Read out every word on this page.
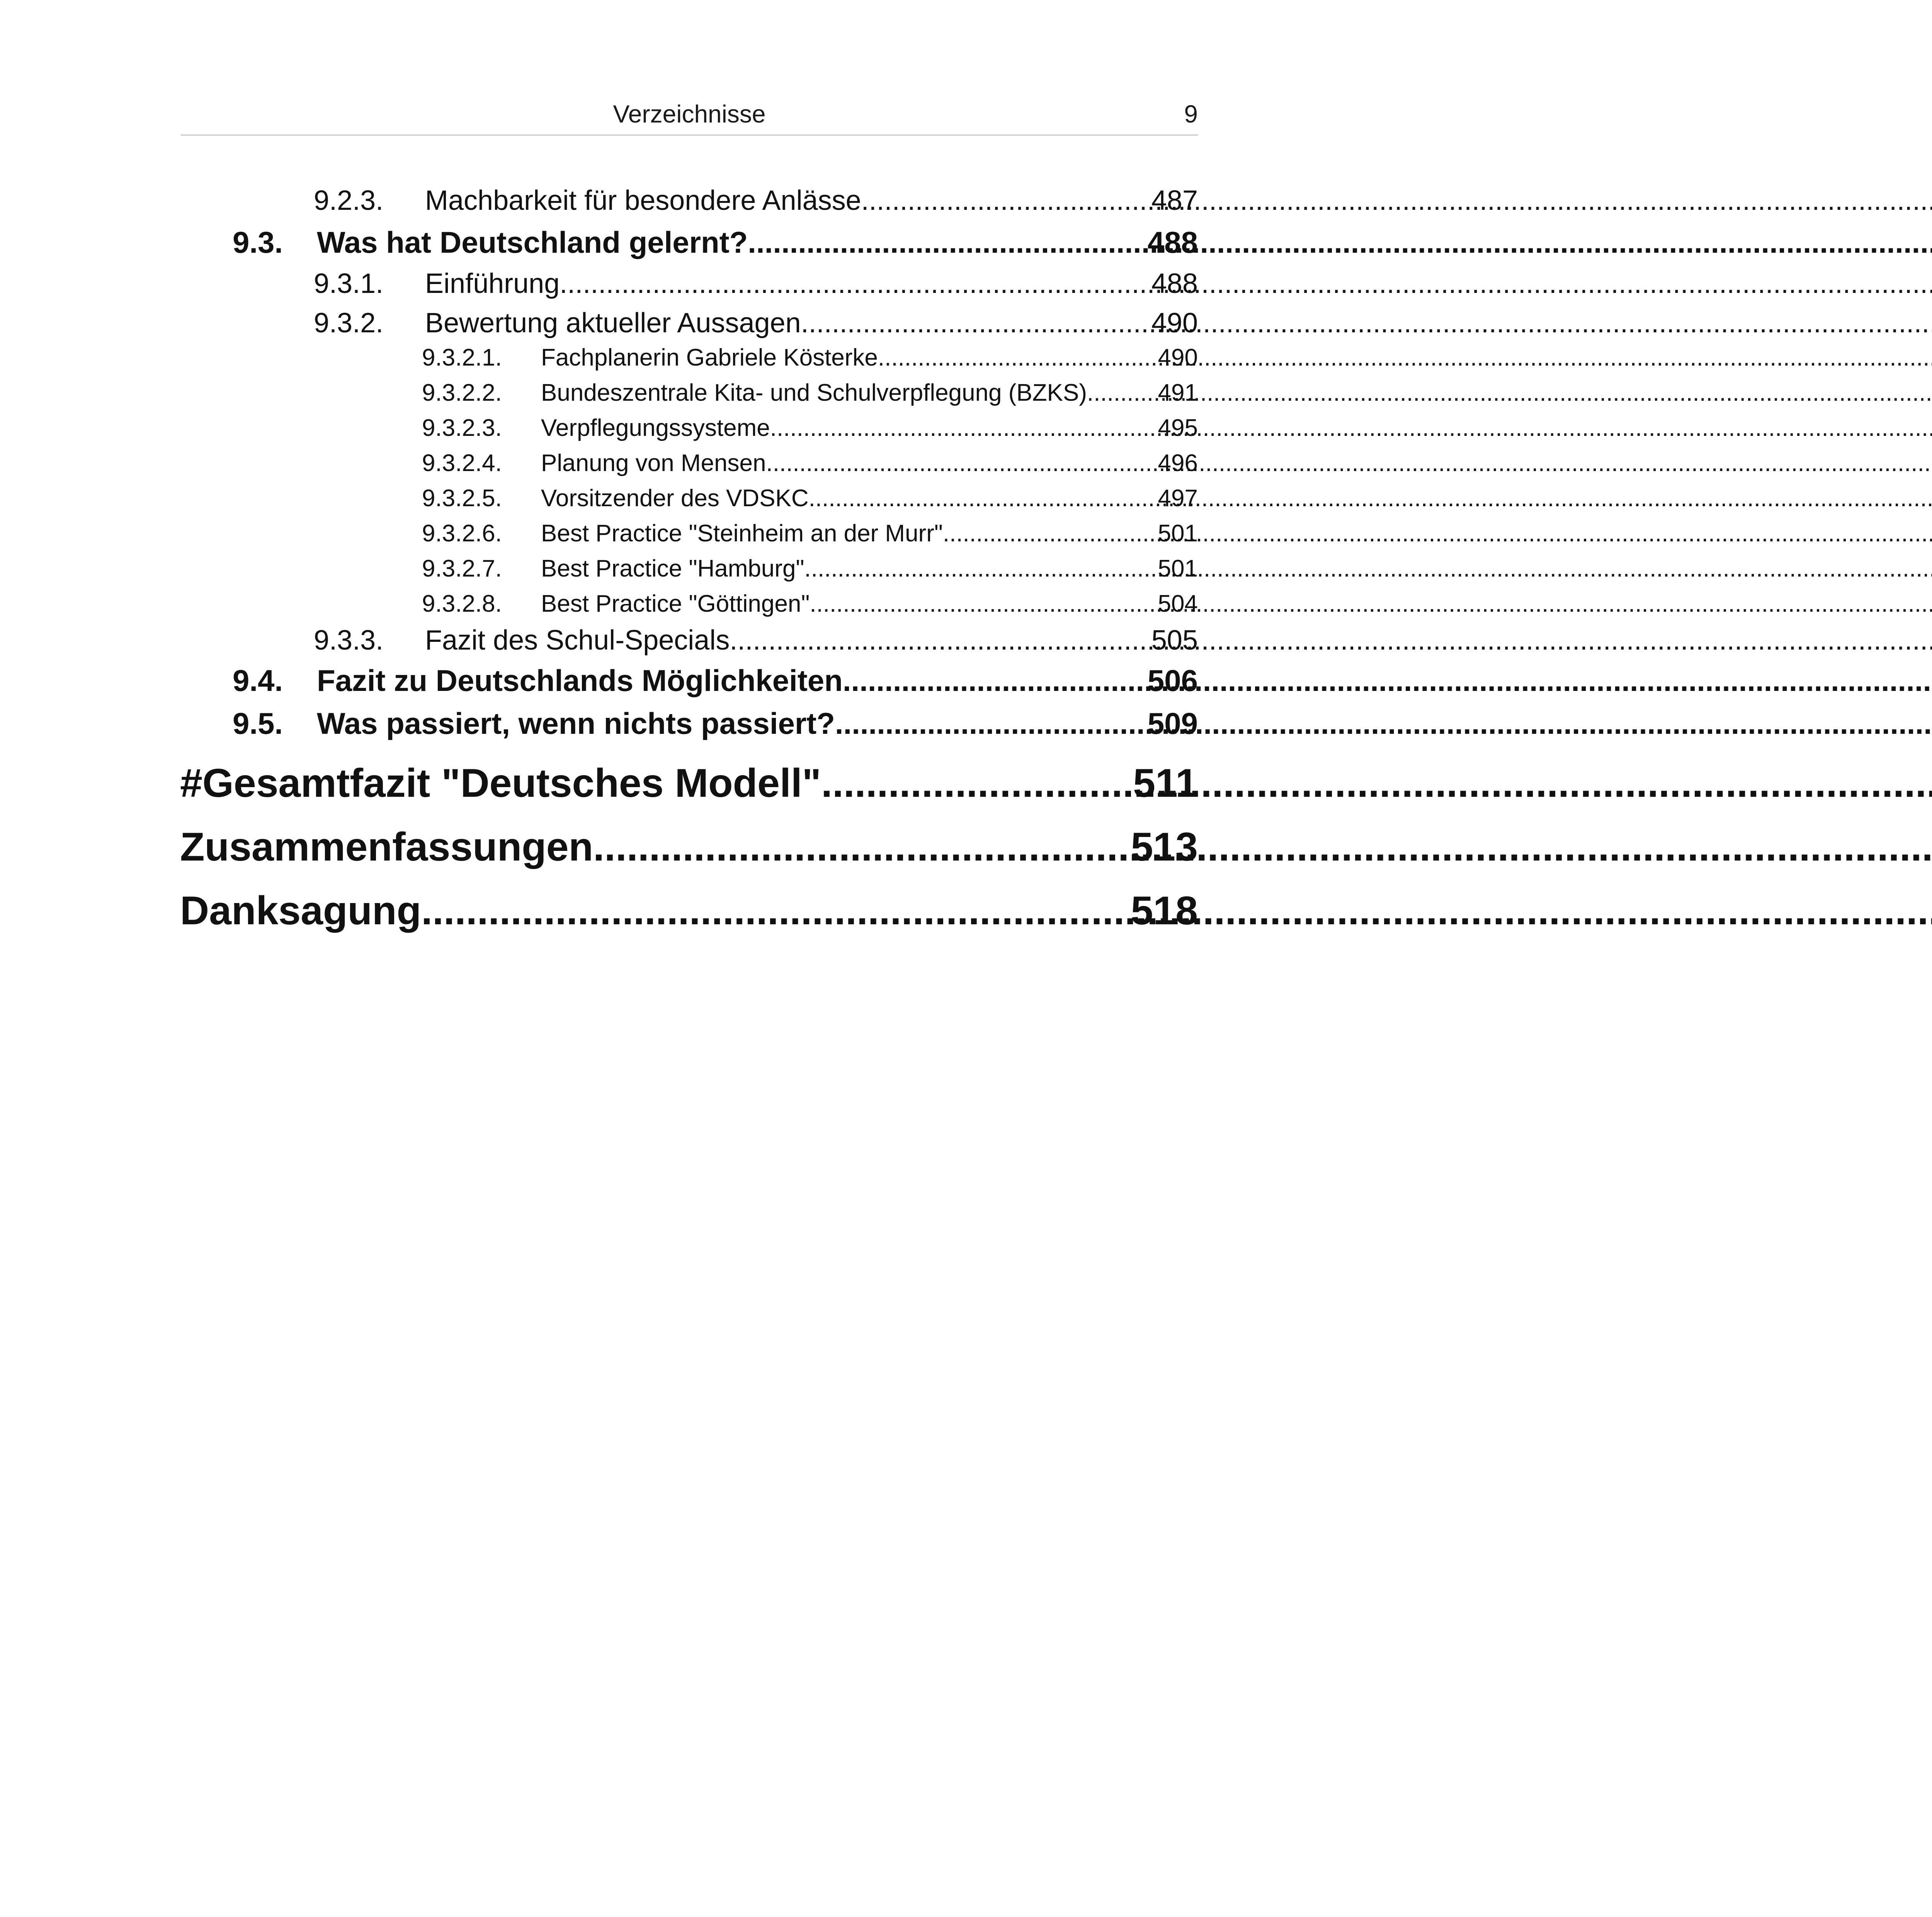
Verzeichnisse	9
9.2.3.	Machbarkeit für besondere Anlässe .....	487
9.3.	Was hat Deutschland gelernt? .....	488
9.3.1.	Einführung .....	488
9.3.2.	Bewertung aktueller Aussagen .....	490
9.3.2.1.	Fachplanerin Gabriele Kösterke .....	490
9.3.2.2.	Bundeszentrale Kita- und Schulverpflegung (BZKS) .....	491
9.3.2.3.	Verpflegungssysteme .....	495
9.3.2.4.	Planung von Mensen .....	496
9.3.2.5.	Vorsitzender des VDSKC .....	497
9.3.2.6.	Best Practice "Steinheim an der Murr" .....	501
9.3.2.7.	Best Practice "Hamburg" .....	501
9.3.2.8.	Best Practice "Göttingen" .....	504
9.3.3.	Fazit des Schul-Specials .....	505
9.4.	Fazit zu Deutschlands Möglichkeiten .....	506
9.5.	Was passiert, wenn nichts passiert? .....	509
#Gesamtfazit "Deutsches Modell" .....	511
Zusammenfassungen .....	513
Danksagung .....	518
